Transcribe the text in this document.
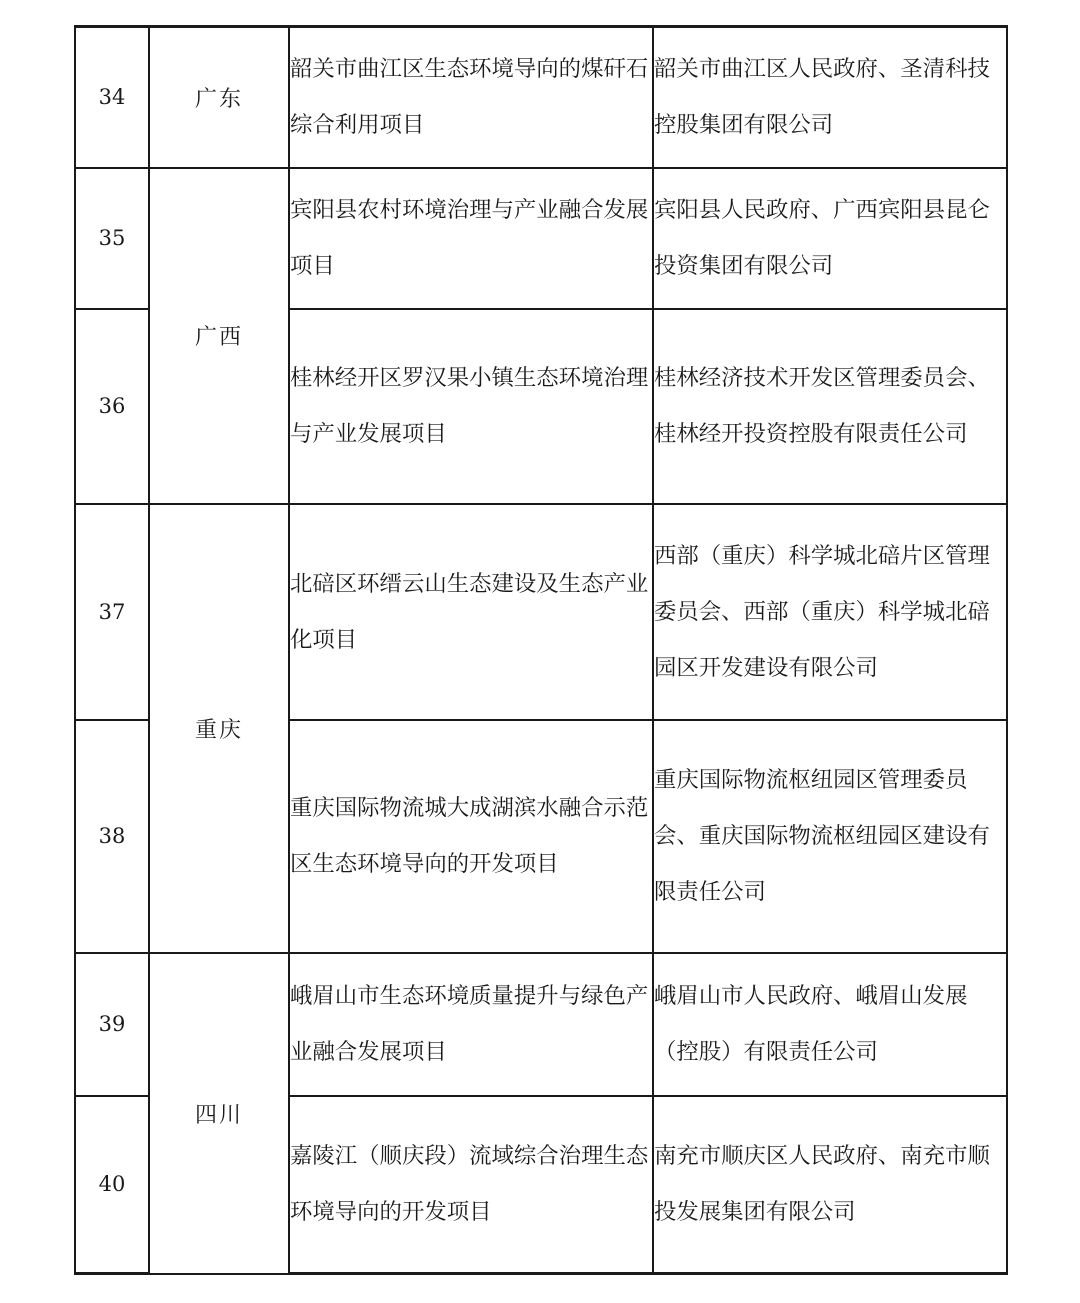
34	广东	韶关市曲江区生态环境导向的煤矸石综合利用项目	韶关市曲江区人民政府、圣清科技控股集团有限公司
35	广西	宾阳县农村环境治理与产业融合发展项目	宾阳县人民政府、广西宾阳县昆仑投资集团有限公司
36		桂林经开区罗汉果小镇生态环境治理与产业发展项目	桂林经济技术开发区管理委员会、桂林经开投资控股有限责任公司
37	重庆	北碚区环缙云山生态建设及生态产业化项目	西部（重庆）科学城北碚片区管理委员会、西部（重庆）科学城北碚园区开发建设有限公司
38		重庆国际物流城大成湖滨水融合示范区生态环境导向的开发项目	重庆国际物流枢纽园区管理委员会、重庆国际物流枢纽园区建设有限责任公司
39	四川	峨眉山市生态环境质量提升与绿色产业融合发展项目	峨眉山市人民政府、峨眉山发展（控股）有限责任公司
40		嘉陵江（顺庆段）流域综合治理生态环境导向的开发项目	南充市顺庆区人民政府、南充市顺投发展集团有限公司
